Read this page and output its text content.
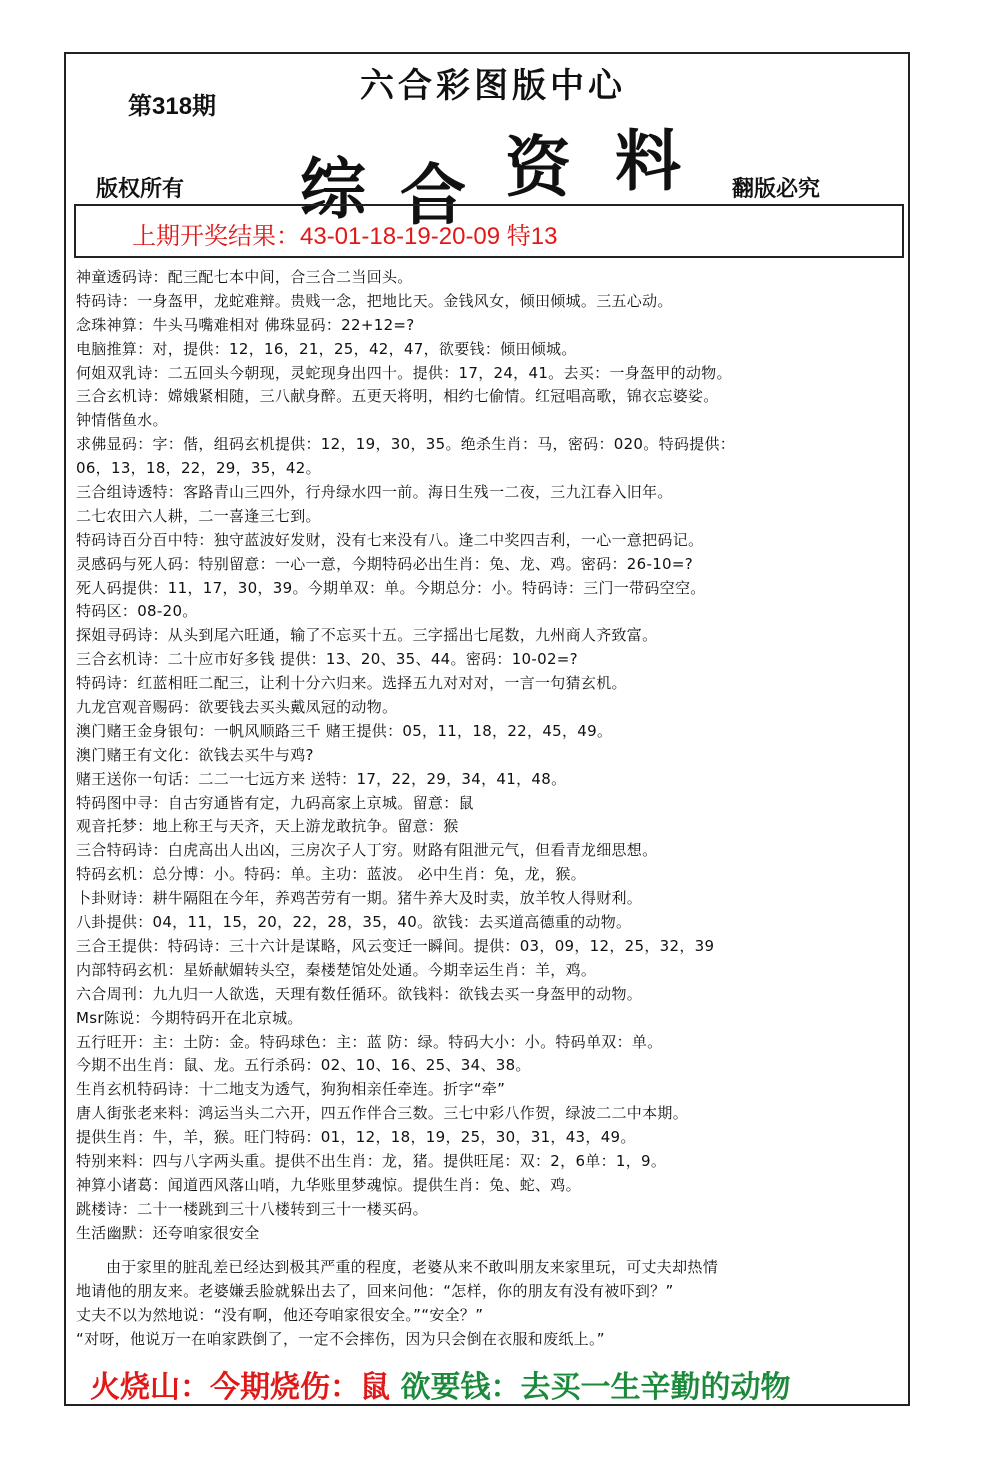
第318期
六合彩图版中心
综 合 资 料
版权所有	翻版必究
上期开奖结果：43-01-18-19-20-09 特13
神童透码诗：配三配七本中间，合三合二当回头。
特码诗：一身盔甲，龙蛇难辩。贵贱一念，把地比天。金钱风女，倾田倾城。三五心动。
念珠神算：牛头马嘴难相对 佛珠显码：22+12=?
电脑推算：对，提供：12，16，21，25，42，47，欲要钱：倾田倾城。
何姐双乳诗：二五回头今朝现，灵蛇现身出四十。提供：17，24，41。去买：一身盔甲的动物。
三合玄机诗：嫦娥紧相随，三八献身醉。五更天将明，相约七偷情。红冠唱高歌，锦衣忘婆娑。
钟情偕鱼水。
求佛显码：字：偕，组码玄机提供：12，19，30，35。绝杀生肖：马，密码：020。特码提供：
06，13，18，22，29，35，42。
三合组诗透特：客路青山三四外，行舟绿水四一前。海日生残一二夜，三九江春入旧年。
二七农田六人耕，二一喜逢三七到。
特码诗百分百中特：独守蓝波好发财，没有七来没有八。逢二中奖四吉利，一心一意把码记。
灵感码与死人码：特别留意：一心一意，今期特码必出生肖：兔、龙、鸡。密码：26-10=?
死人码提供：11，17，30，39。今期单双：单。今期总分：小。特码诗：三门一带码空空。
特码区：08-20。
探姐寻码诗：从头到尾六旺通，输了不忘买十五。三字摇出七尾数，九州商人齐致富。
三合玄机诗：二十应市好多钱 提供：13、20、35、44。密码：10-02=?
特码诗：红蓝相旺二配三，让利十分六归来。选择五九对对对，一言一句猜玄机。
九龙宫观音赐码：欲要钱去买头戴凤冠的动物。
澳门赌王金身银句：一帆风顺路三千 赌王提供：05，11，18，22，45，49。
澳门赌王有文化：欲钱去买牛与鸡?
赌王送你一句话：二二一七远方来 送特：17，22，29，34，41，48。
特码图中寻：自古穷通皆有定，九码高家上京城。留意：鼠
观音托梦：地上称王与天齐，天上游龙敢抗争。留意：猴
三合特码诗：白虎高出人出凶，三房次子人丁穷。财路有阻泄元气，但看青龙细思想。
特码玄机：总分博：小。特码：单。主功：蓝波。 必中生肖：兔，龙，猴。
卜卦财诗：耕牛隔阻在今年，养鸡苦劳有一期。猪牛养大及时卖，放羊牧人得财利。
八卦提供：04，11，15，20，22，28，35，40。欲钱：去买道高德重的动物。
三合王提供：特码诗：三十六计是谋略，风云变迁一瞬间。提供：03，09，12，25，32，39
内部特码玄机：星娇献媚转头空，秦楼楚馆处处通。今期幸运生肖：羊，鸡。
六合周刊：九九归一人欲选，天理有数任循环。欲钱料：欲钱去买一身盔甲的动物。
Msr陈说：今期特码开在北京城。
五行旺开：主：土防：金。特码球色：主：蓝 防：绿。特码大小：小。特码单双：单。
今期不出生肖：鼠、龙。五行杀码：02、10、16、25、34、38。
生肖玄机特码诗：十二地支为透气，狗狗相亲任牵连。折字“牵”
唐人街张老来料：鸿运当头二六开，四五作伴合三数。三七中彩八作贺，绿波二二中本期。
提供生肖：牛，羊，猴。旺门特码：01，12，18，19，25，30，31，43，49。
特别来料：四与八字两头重。提供不出生肖：龙，猪。提供旺尾：双：2，6单：1，9。
神算小诸葛：闻道西风落山哨，九华账里梦魂惊。提供生肖：兔、蛇、鸡。
跳楼诗：二十一楼跳到三十八楼转到三十一楼买码。
生活幽默：还夸咱家很安全
由于家里的脏乱差已经达到极其严重的程度，老婆从来不敢叫朋友来家里玩，可丈夫却热情
地请他的朋友来。老婆嫌丢脸就躲出去了，回来问他：“怎样，你的朋友有没有被吓到？”
丈夫不以为然地说：“没有啊，他还夸咱家很安全。”“安全？”
“对呀，他说万一在咱家跌倒了，一定不会摔伤，因为只会倒在衣服和废纸上。”
火烧山：今期烧伤：鼠 欲要钱：去买一生辛勤的动物
